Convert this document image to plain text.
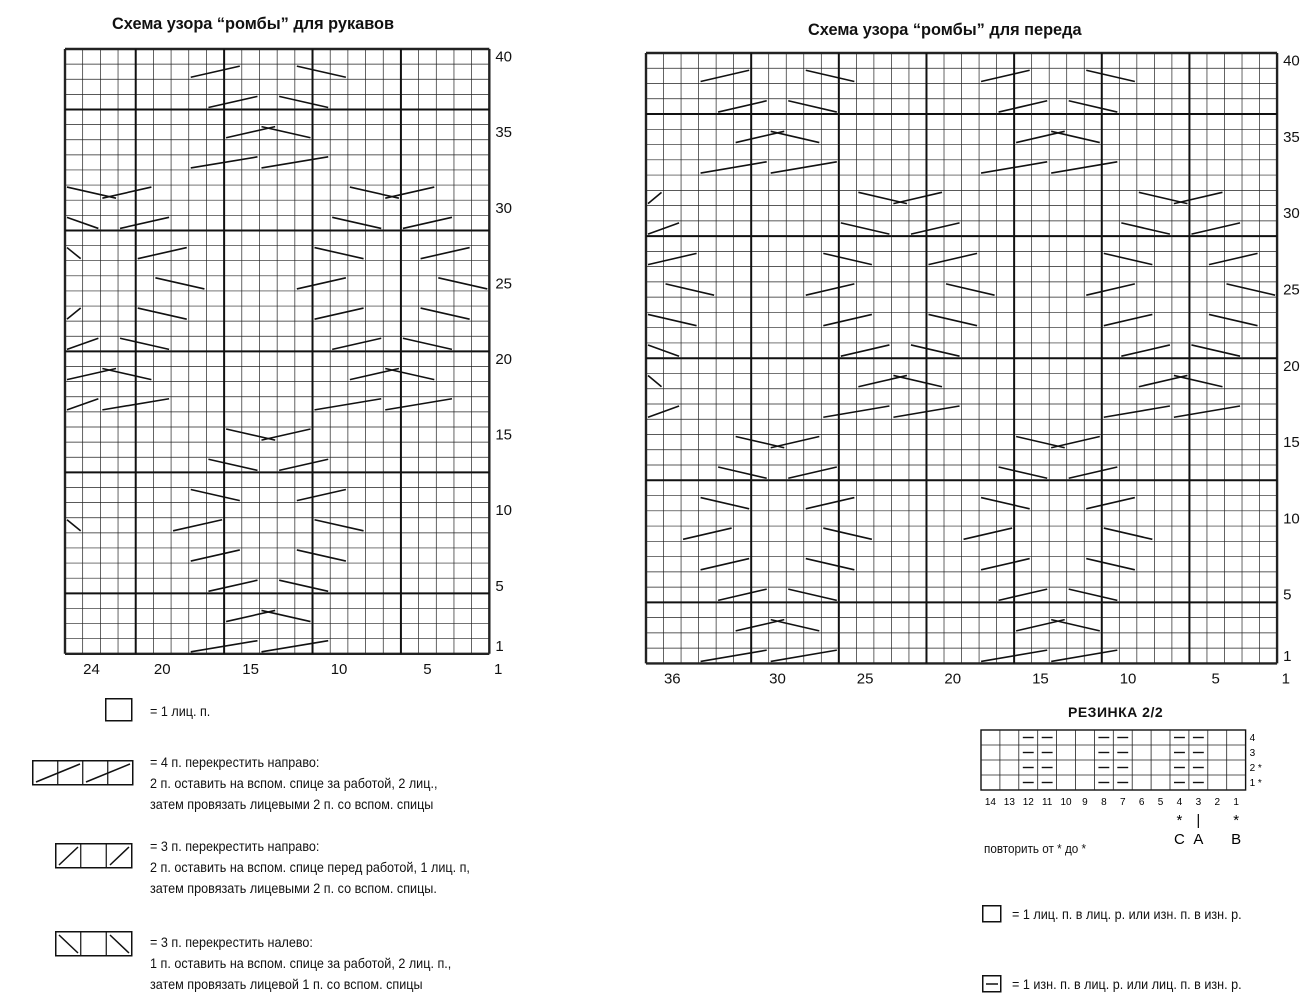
Схема узора “ромбы” для рукавов	Схема узора “ромбы” для переда
40
35
30
25
20
15
10
5
1
24	20	15	10	5	1
40
35
30
25
20
15
10
5
1
36	30	25	20	15	10	5	1
= 1 лиц. п.
= 4 п. перекрестить направо:
2 п. оставить на вспом. спице за работой, 2 лиц.,
затем провязать лицевыми 2 п. со вспом. спицы
= 3 п. перекрестить направо:
2 п. оставить на вспом. спице перед работой, 1 лиц. п,
затем провязать лицевыми 2 п. со вспом. спицы.
= 3 п. перекрестить налево:
1 п. оставить на вспом. спице за работой, 2 лиц. п.,
затем провязать лицевой 1 п. со вспом. спицы
РЕЗИНКА 2/2
4
3
2 *
1 *
14 13 12 11 10 9 8 7 6 5 4 3 2 1
*
C
|
A
*
B
повторить от * до *
= 1 лиц. п. в лиц. р. или изн. п. в изн. р.
= 1 изн. п. в лиц. р. или лиц. п. в изн. р.
